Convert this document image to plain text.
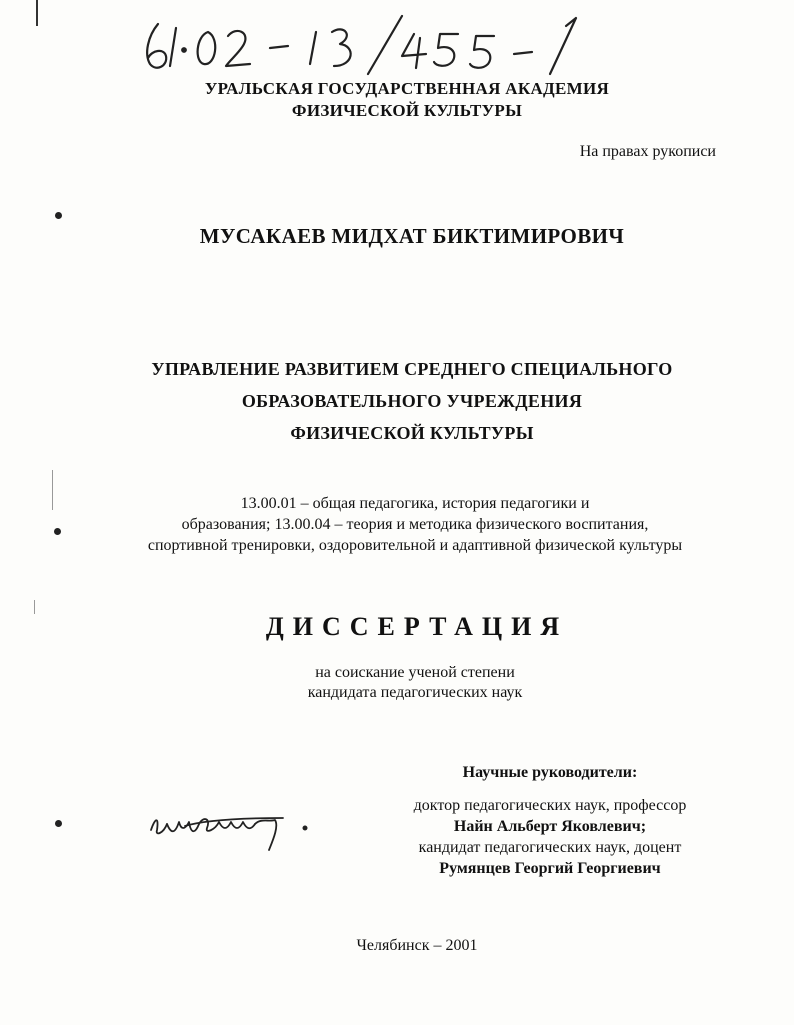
УРАЛЬСКАЯ ГОСУДАРСТВЕННАЯ АКАДЕМИЯ
ФИЗИЧЕСКОЙ КУЛЬТУРЫ
На правах рукописи
МУСАКАЕВ МИДХАТ БИКТИМИРОВИЧ
УПРАВЛЕНИЕ РАЗВИТИЕМ СРЕДНЕГО СПЕЦИАЛЬНОГО
ОБРАЗОВАТЕЛЬНОГО УЧРЕЖДЕНИЯ
ФИЗИЧЕСКОЙ КУЛЬТУРЫ
13.00.01 – общая педагогика, история педагогики и
образования; 13.00.04 – теория и методика физического воспитания,
спортивной тренировки, оздоровительной и адаптивной физической культуры
ДИССЕРТАЦИЯ
на соискание ученой степени
кандидата педагогических наук
Научные руководители:
доктор педагогических наук, профессор
Найн Альберт Яковлевич;
кандидат педагогических наук, доцент
Румянцев Георгий Георгиевич
Челябинск – 2001
